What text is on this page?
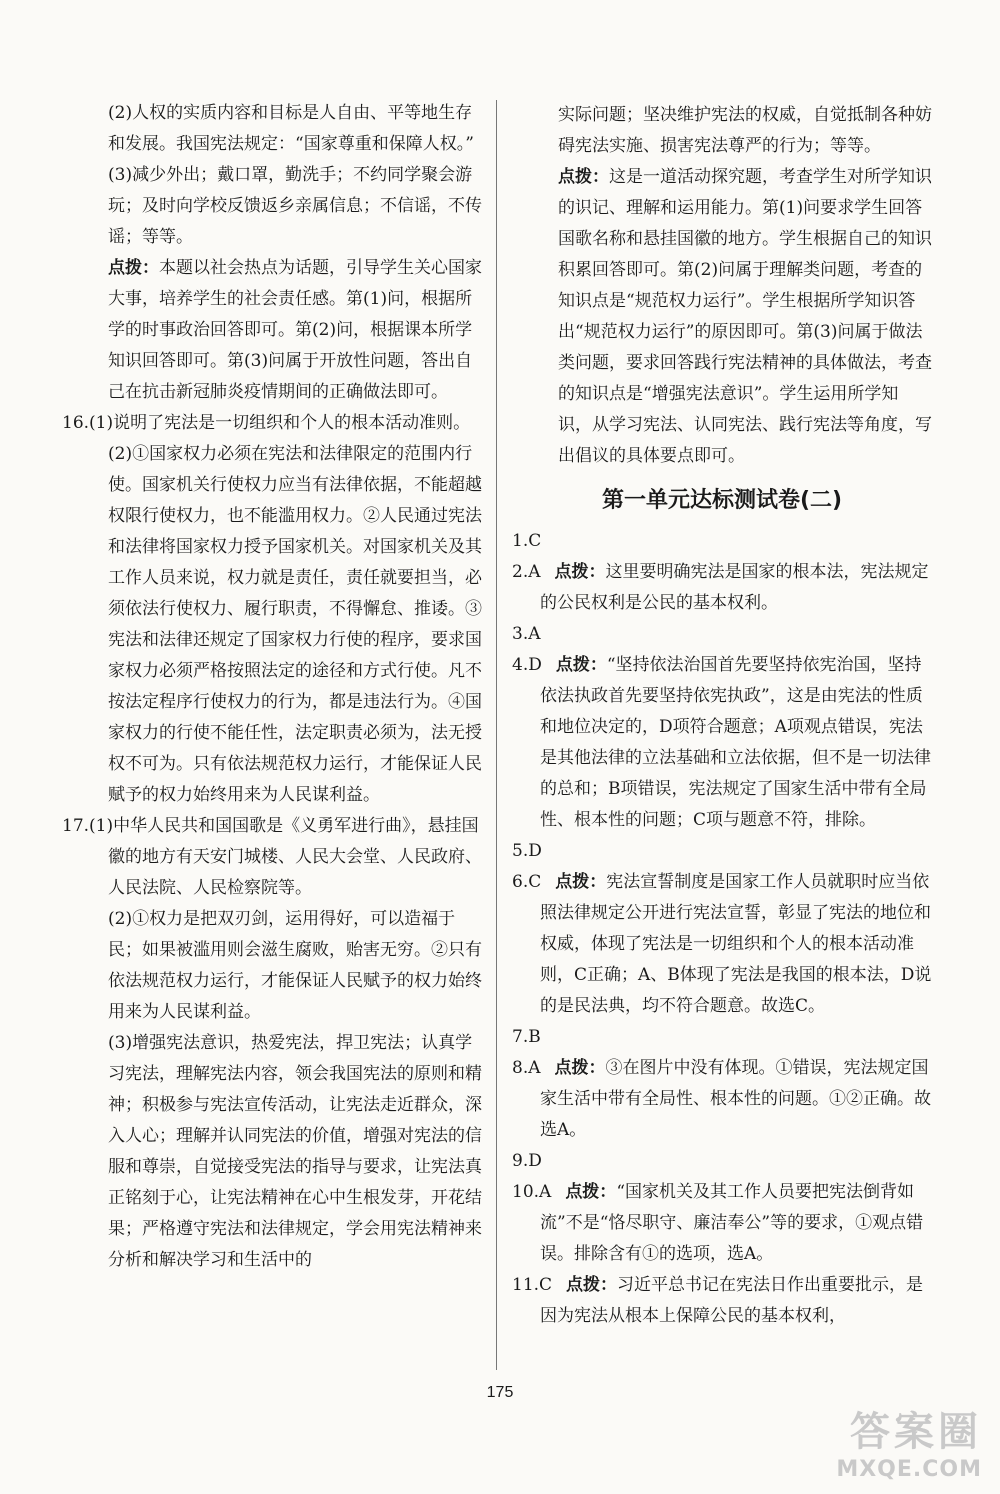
(2)人权的实质内容和目标是人自由、平等地生存和发展。我国宪法规定：“国家尊重和保障人权。”
(3)减少外出；戴口罩，勤洗手；不约同学聚会游玩；及时向学校反馈返乡亲属信息；不信谣，不传谣；等等。
点拨：本题以社会热点为话题，引导学生关心国家大事，培养学生的社会责任感。第(1)问，根据所学的时事政治回答即可。第(2)问，根据课本所学知识回答即可。第(3)问属于开放性问题，答出自己在抗击新冠肺炎疫情期间的正确做法即可。
16.(1)说明了宪法是一切组织和个人的根本活动准则。
(2)①国家权力必须在宪法和法律限定的范围内行使。国家机关行使权力应当有法律依据，不能超越权限行使权力，也不能滥用权力。②人民通过宪法和法律将国家权力授予国家机关。对国家机关及其工作人员来说，权力就是责任，责任就要担当，必须依法行使权力、履行职责，不得懈怠、推诿。③宪法和法律还规定了国家权力行使的程序，要求国家权力必须严格按照法定的途径和方式行使。凡不按法定程序行使权力的行为，都是违法行为。④国家权力的行使不能任性，法定职责必须为，法无授权不可为。只有依法规范权力运行，才能保证人民赋予的权力始终用来为人民谋利益。
17.(1)中华人民共和国国歌是《义勇军进行曲》，悬挂国徽的地方有天安门城楼、人民大会堂、人民政府、人民法院、人民检察院等。
(2)①权力是把双刃剑，运用得好，可以造福于民；如果被滥用则会滋生腐败，贻害无穷。②只有依法规范权力运行，才能保证人民赋予的权力始终用来为人民谋利益。
(3)增强宪法意识，热爱宪法，捍卫宪法；认真学习宪法，理解宪法内容，领会我国宪法的原则和精神；积极参与宪法宣传活动，让宪法走近群众，深入人心；理解并认同宪法的价值，增强对宪法的信服和尊崇，自觉接受宪法的指导与要求，让宪法真正铭刻于心，让宪法精神在心中生根发芽，开花结果；严格遵守宪法和法律规定，学会用宪法精神来分析和解决学习和生活中的
实际问题；坚决维护宪法的权威，自觉抵制各种妨碍宪法实施、损害宪法尊严的行为；等等。
点拨：这是一道活动探究题，考查学生对所学知识的识记、理解和运用能力。第(1)问要求学生回答国歌名称和悬挂国徽的地方。学生根据自己的知识积累回答即可。第(2)问属于理解类问题，考查的知识点是“规范权力运行”。学生根据所学知识答出“规范权力运行”的原因即可。第(3)问属于做法类问题，要求回答践行宪法精神的具体做法，考查的知识点是“增强宪法意识”。学生运用所学知识，从学习宪法、认同宪法、践行宪法等角度，写出倡议的具体要点即可。
第一单元达标测试卷(二)
1.C
2.A 点拨：这里要明确宪法是国家的根本法，宪法规定的公民权利是公民的基本权利。
3.A
4.D 点拨：“坚持依法治国首先要坚持依宪治国，坚持依法执政首先要坚持依宪执政”，这是由宪法的性质和地位决定的，D项符合题意；A项观点错误，宪法是其他法律的立法基础和立法依据，但不是一切法律的总和；B项错误，宪法规定了国家生活中带有全局性、根本性的问题；C项与题意不符，排除。
5.D
6.C 点拨：宪法宣誓制度是国家工作人员就职时应当依照法律规定公开进行宪法宣誓，彰显了宪法的地位和权威，体现了宪法是一切组织和个人的根本活动准则，C正确；A、B体现了宪法是我国的根本法，D说的是民法典，均不符合题意。故选C。
7.B
8.A 点拨：③在图片中没有体现。①错误，宪法规定国家生活中带有全局性、根本性的问题。①②正确。故选A。
9.D
10.A 点拨：“国家机关及其工作人员要把宪法倒背如流”不是“恪尽职守、廉洁奉公”等的要求，①观点错误。排除含有①的选项，选A。
11.C 点拨：习近平总书记在宪法日作出重要批示，是因为宪法从根本上保障公民的基本权利，
175
答案圈
MXQE.COM
